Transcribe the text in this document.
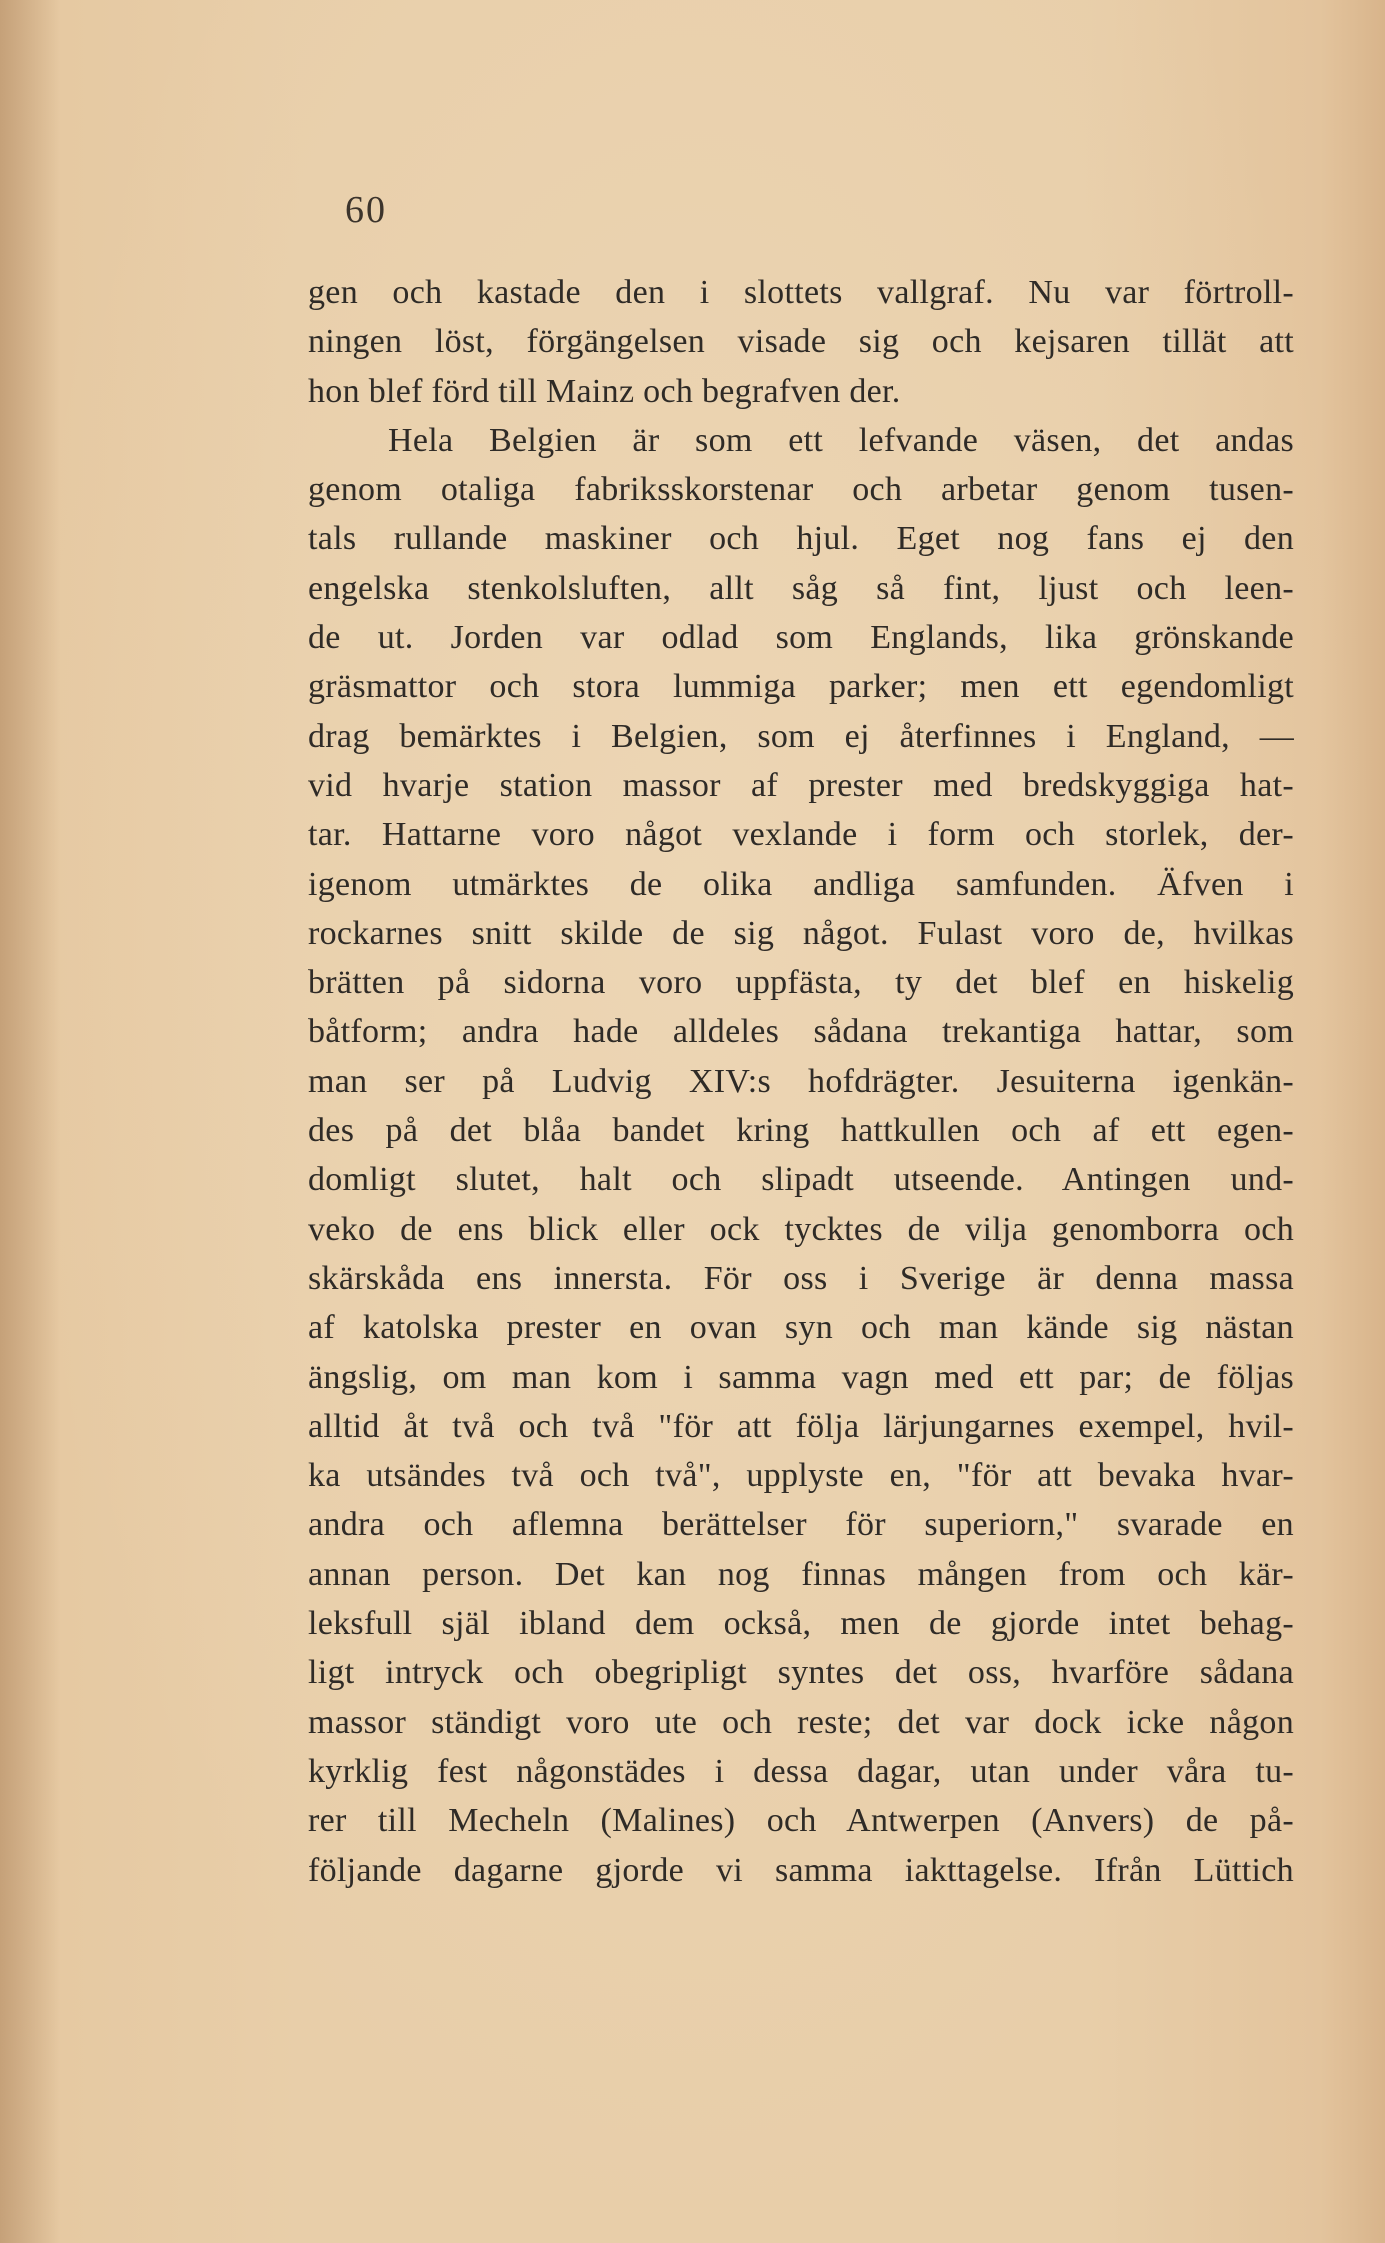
60
gen och kastade den i slottets vallgraf. Nu var förtroll-
ningen löst, förgängelsen visade sig och kejsaren tillät att
hon blef förd till Mainz och begrafven der.
Hela Belgien är som ett lefvande väsen, det andas
genom otaliga fabriksskorstenar och arbetar genom tusen-
tals rullande maskiner och hjul. Eget nog fans ej den
engelska stenkolsluften, allt såg så fint, ljust och leen-
de ut. Jorden var odlad som Englands, lika grönskande
gräsmattor och stora lummiga parker; men ett egendomligt
drag bemärktes i Belgien, som ej återfinnes i England, —
vid hvarje station massor af prester med bredskyggiga hat-
tar. Hattarne voro något vexlande i form och storlek, der-
igenom utmärktes de olika andliga samfunden. Äfven i
rockarnes snitt skilde de sig något. Fulast voro de, hvilkas
brätten på sidorna voro uppfästa, ty det blef en hiskelig
båtform; andra hade alldeles sådana trekantiga hattar, som
man ser på Ludvig XIV:s hofdrägter. Jesuiterna igenkän-
des på det blåa bandet kring hattkullen och af ett egen-
domligt slutet, halt och slipadt utseende. Antingen und-
veko de ens blick eller ock tycktes de vilja genomborra och
skärskåda ens innersta. För oss i Sverige är denna massa
af katolska prester en ovan syn och man kände sig nästan
ängslig, om man kom i samma vagn med ett par; de följas
alltid åt två och två "för att följa lärjungarnes exempel, hvil-
ka utsändes två och två", upplyste en, "för att bevaka hvar-
andra och aflemna berättelser för superiorn," svarade en
annan person. Det kan nog finnas mången from och kär-
leksfull själ ibland dem också, men de gjorde intet behag-
ligt intryck och obegripligt syntes det oss, hvarföre sådana
massor ständigt voro ute och reste; det var dock icke någon
kyrklig fest någonstädes i dessa dagar, utan under våra tu-
rer till Mecheln (Malines) och Antwerpen (Anvers) de på-
följande dagarne gjorde vi samma iakttagelse. Ifrån Lüttich
